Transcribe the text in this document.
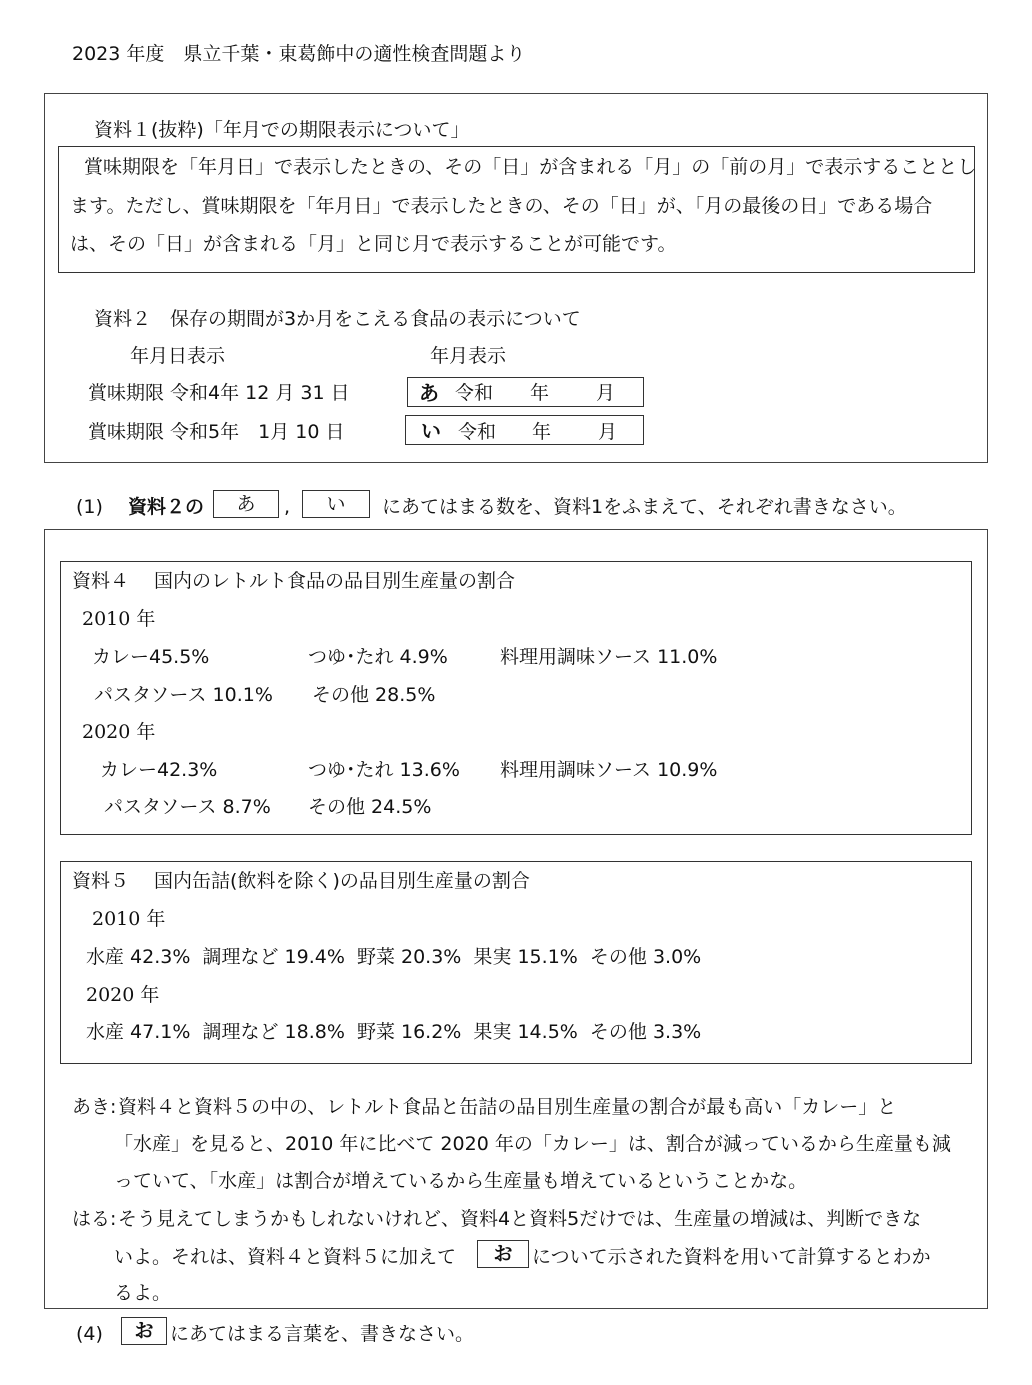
2023 年度　県立千葉・東葛飾中の適性検査問題より
資料１(抜粋)「年月での期限表示について」
賞味期限を「年月日」で表示したときの、その「日」が含まれる「月」の「前の月」で表示することとし
ます。ただし、賞味期限を「年月日」で表示したときの、その「日」が、「月の最後の日」である場合
は、その「日」が含まれる「月」と同じ月で表示することが可能です。
資料２　保存の期間が3か月をこえる食品の表示について
年月日表示	年月表示
賞味期限 令和4年 12 月 31 日	あ 令和 年 月
賞味期限 令和5年　1月 10 日	い 令和 年 月
(1) 資料２の	あ	,	い	にあてはまる数を、資料1をふまえて、それぞれ書きなさい。
資料４　 国内のレトルト食品の品目別生産量の割合
2010 年
カレー45.5%	つゆ･たれ 4.9%	料理用調味ソース 11.0%
パスタソース 10.1% その他 28.5%
2020 年
カレー42.3%	つゆ･たれ 13.6% 料理用調味ソース 10.9%
パスタソース 8.7% その他 24.5%
資料５　 国内缶詰(飲料を除く)の品目別生産量の割合
2010 年
水産 42.3%  調理など 19.4%  野菜 20.3%  果実 15.1%  その他 3.0%
2020 年
水産 47.1%  調理など 18.8%  野菜 16.2%  果実 14.5%  その他 3.3%
あき: 資料４と資料５の中の、レトルト食品と缶詰の品目別生産量の割合が最も高い「カレー」と
「水産」を見ると、2010 年に比べて 2020 年の「カレー」は、割合が減っているから生産量も減
っていて、「水産」は割合が増えているから生産量も増えているということかな。
はる: そう見えてしまうかもしれないけれど、資料4と資料5だけでは、生産量の増減は、判断できな
いよ。それは、資料４と資料５に加えて	お	について示された資料を用いて計算するとわか
るよ。
(4)	お にあてはまる言葉を、書きなさい。
